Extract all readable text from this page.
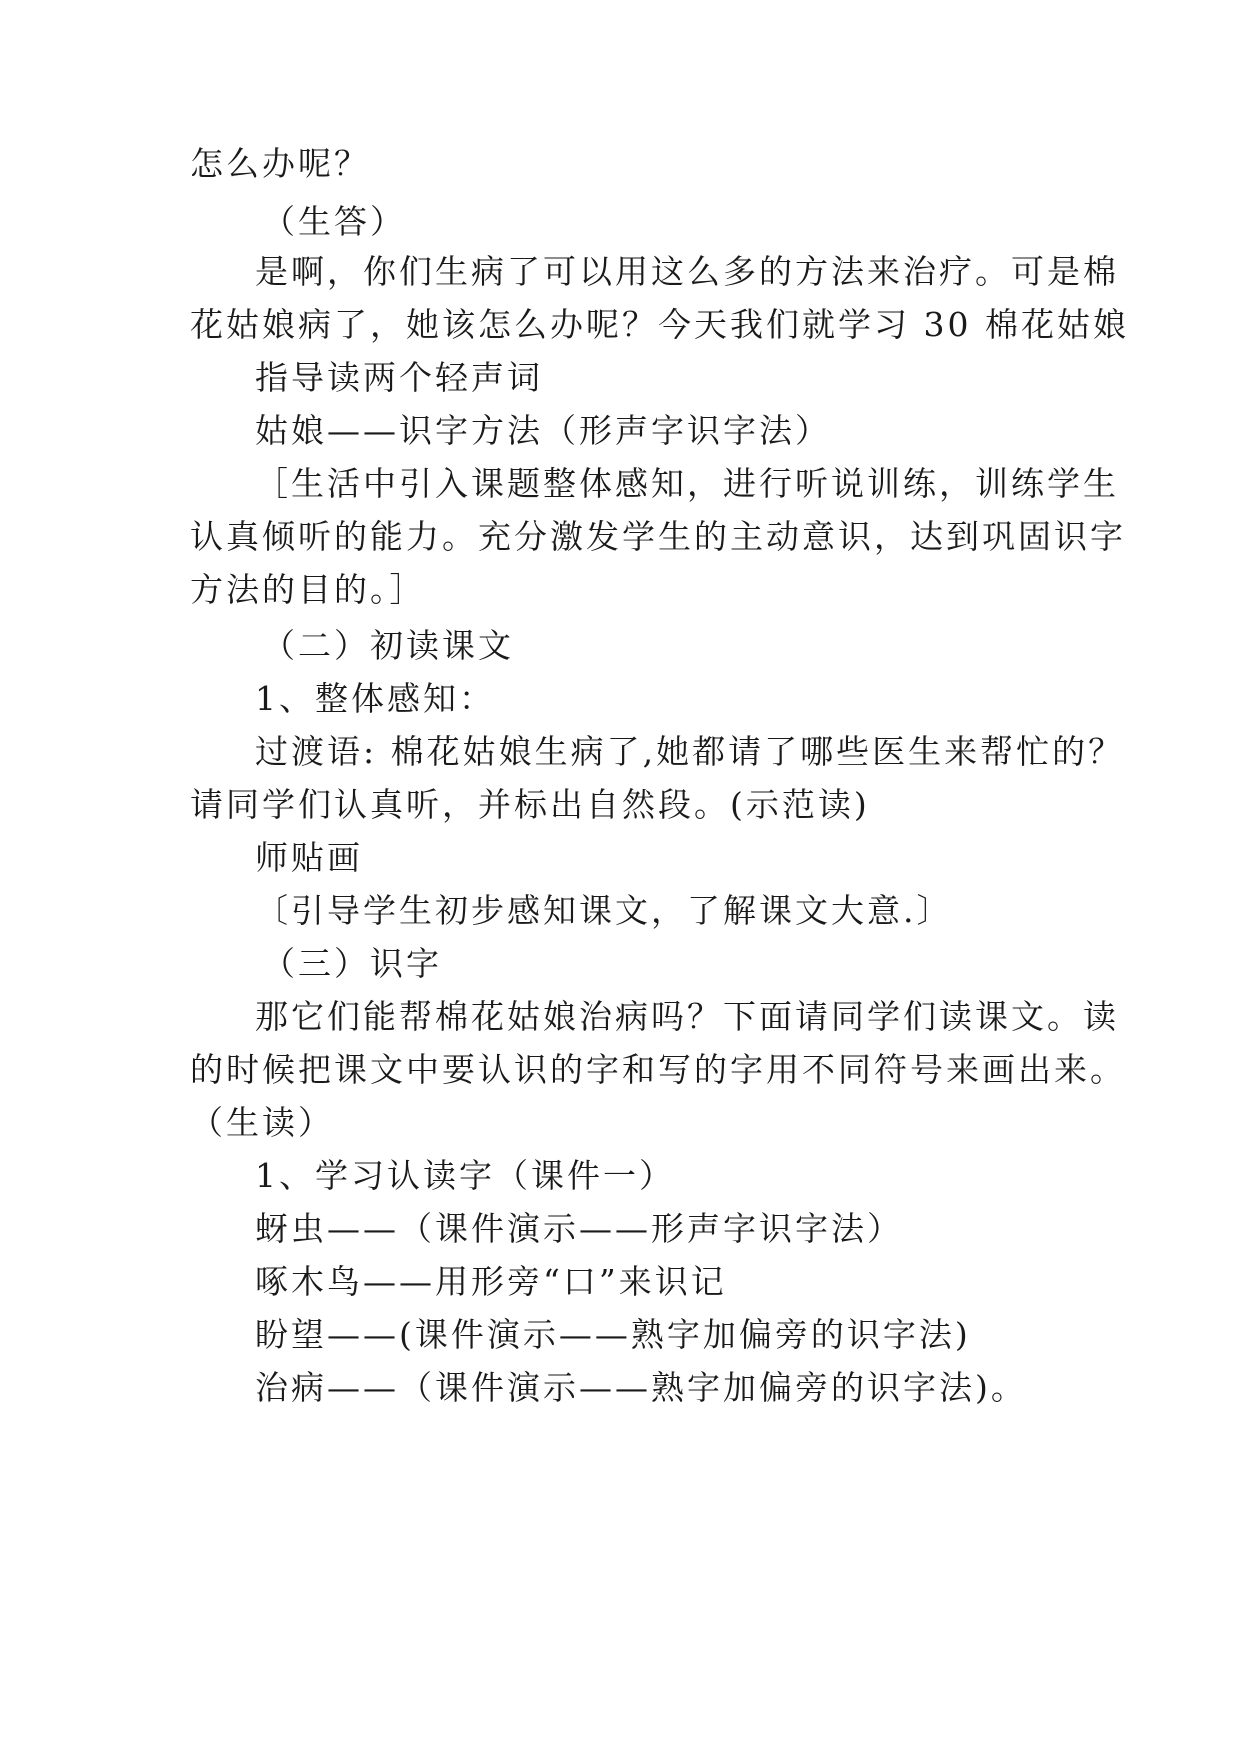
怎么办呢？
（生答）
是啊，你们生病了可以用这么多的方法来治疗。可是棉
花姑娘病了，她该怎么办呢？今天我们就学习 30 棉花姑娘
指导读两个轻声词
姑娘——识字方法（形声字识字法）
［生活中引入课题整体感知，进行听说训练，训练学生
认真倾听的能力。充分激发学生的主动意识，达到巩固识字
方法的目的。］
（二）初读课文
1、整体感知：
过渡语: 棉花姑娘生病了,她都请了哪些医生来帮忙的？
请同学们认真听，并标出自然段。(示范读)
师贴画
〔引导学生初步感知课文，了解课文大意.〕
（三）识字
那它们能帮棉花姑娘治病吗？下面请同学们读课文。读
的时候把课文中要认识的字和写的字用不同符号来画出来。
（生读）
1、学习认读字（课件一）
蚜虫——（课件演示——形声字识字法）
啄木鸟——用形旁“口”来识记
盼望——(课件演示——熟字加偏旁的识字法)
治病——（课件演示——熟字加偏旁的识字法)。
